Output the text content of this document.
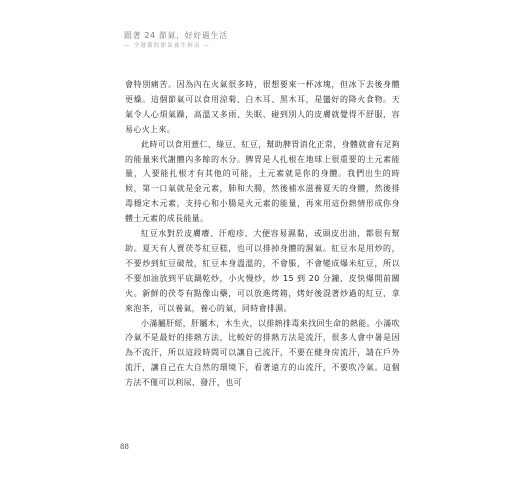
跟著 24 節氣，好好過生活
— 全遵循的節氣養生指南 —

會特別痛苦。因為內在火氣很多時，很想要來一杯冰塊，但冰下去後身體更燥。這個節氣可以食用涼菊、白木耳、黑木耳，是蠻好的降火食物。天氣令人心煩氣躁，高溫又多雨、失眠、碰到別人的皮膚就覺得不舒服，容易心火上來。

此時可以食用薏仁、綠豆、紅豆，幫助脾胃消化正常，身體就會有足夠的能量來代謝體內多餘的水分。脾胃是人扎根在地球上很重要的土元素能量，人要能扎根才有其他的可能，土元素就是你的身體。我們出生的時候，第一口氣就是金元素，肺和大腸，然後補水滋養夏天的身體，然後排毒穩定木元素，支持心和小腸是火元素的能量，再來用這份熱情形成你身體土元素的成長能量。

紅豆水對於皮膚癢、汗疱疹、大便容易濕黏，或頭皮出油，都很有幫助。夏天有人賣茯苓紅豆糕，也可以排掉身體的濕氣。紅豆水是用炒的，不要炒到紅豆破殼，紅豆本身溫溫的，不會脹，不會變成爆米紅豆，所以不要加油放到平底鍋乾炒，小火慢炒，炒 15 到 20 分鐘，皮快爆開前關火。新鮮的茯苓有點像山藥，可以放進烤箱，烤好後混著炒過的紅豆，拿來泡茶，可以養氣，養心的氣，同時會排濕。

小滿屬肝經，肝屬木，木生火，以排熱排毒來找回生命的熱能。小滿吹冷氣不是最好的排熱方法，比較好的排熱方法是流汗，很多人會中暑是因為不流汗，所以這段時間可以讓自己流汗，不要在健身房流汗，請在戶外流汗，讓自己在大自然的環境下，看著遠方的山流汗，不要吹冷氣。這個方法不僅可以利尿、發汗，也可

88
